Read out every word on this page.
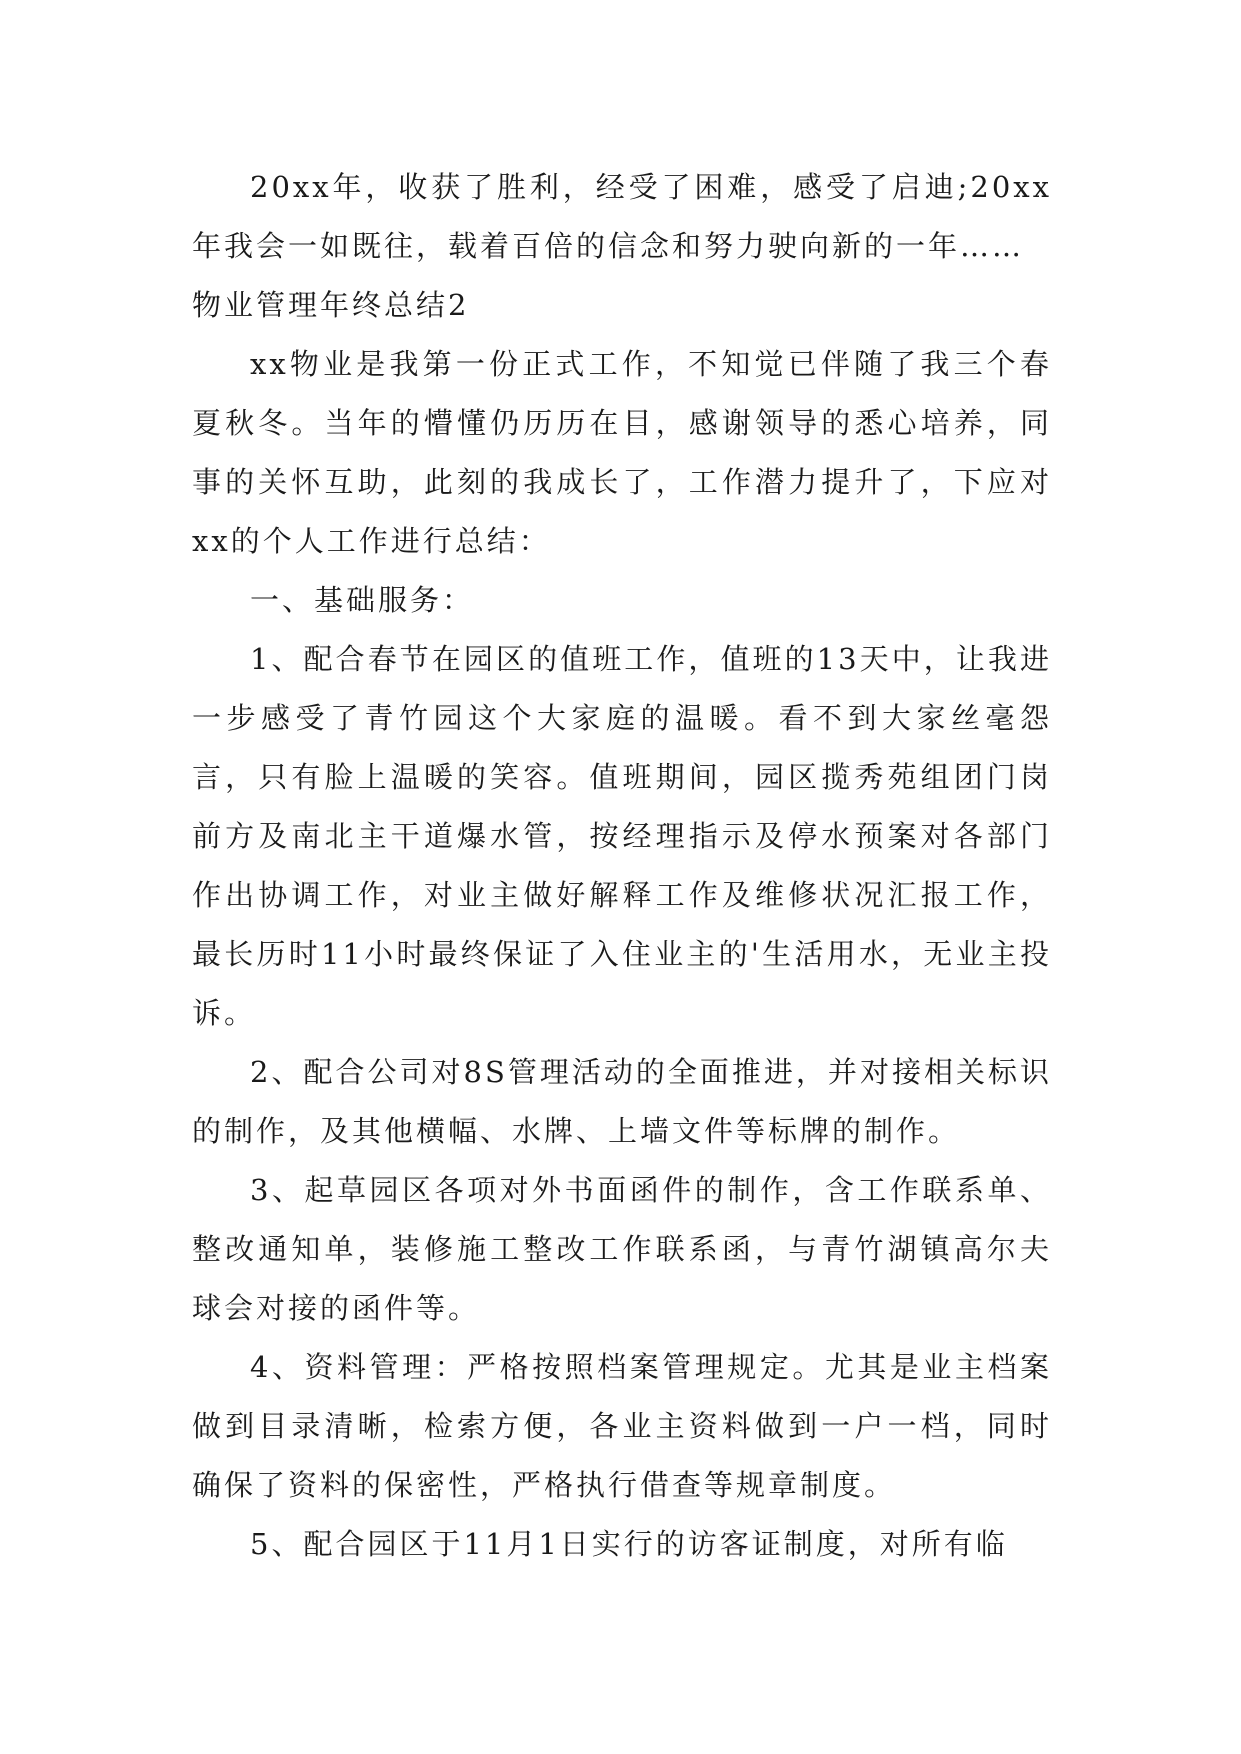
20xx年，收获了胜利，经受了困难，感受了启迪;20xx年我会一如既往，载着百倍的信念和努力驶向新的一年……

物业管理年终总结2

xx物业是我第一份正式工作，不知觉已伴随了我三个春夏秋冬。当年的懵懂仍历历在目，感谢领导的悉心培养，同事的关怀互助，此刻的我成长了，工作潜力提升了，下应对xx的个人工作进行总结：

一、基础服务：

1、配合春节在园区的值班工作，值班的13天中，让我进一步感受了青竹园这个大家庭的温暖。看不到大家丝毫怨言，只有脸上温暖的笑容。值班期间，园区揽秀苑组团门岗前方及南北主干道爆水管，按经理指示及停水预案对各部门作出协调工作，对业主做好解释工作及维修状况汇报工作，最长历时11小时最终保证了入住业主的'生活用水，无业主投诉。

2、配合公司对8S管理活动的全面推进，并对接相关标识的制作，及其他横幅、水牌、上墙文件等标牌的制作。

3、起草园区各项对外书面函件的制作，含工作联系单、整改通知单，装修施工整改工作联系函，与青竹湖镇高尔夫球会对接的函件等。

4、资料管理：严格按照档案管理规定。尤其是业主档案做到目录清晰，检索方便，各业主资料做到一户一档，同时确保了资料的保密性，严格执行借查等规章制度。

5、配合园区于11月1日实行的访客证制度，对所有临
